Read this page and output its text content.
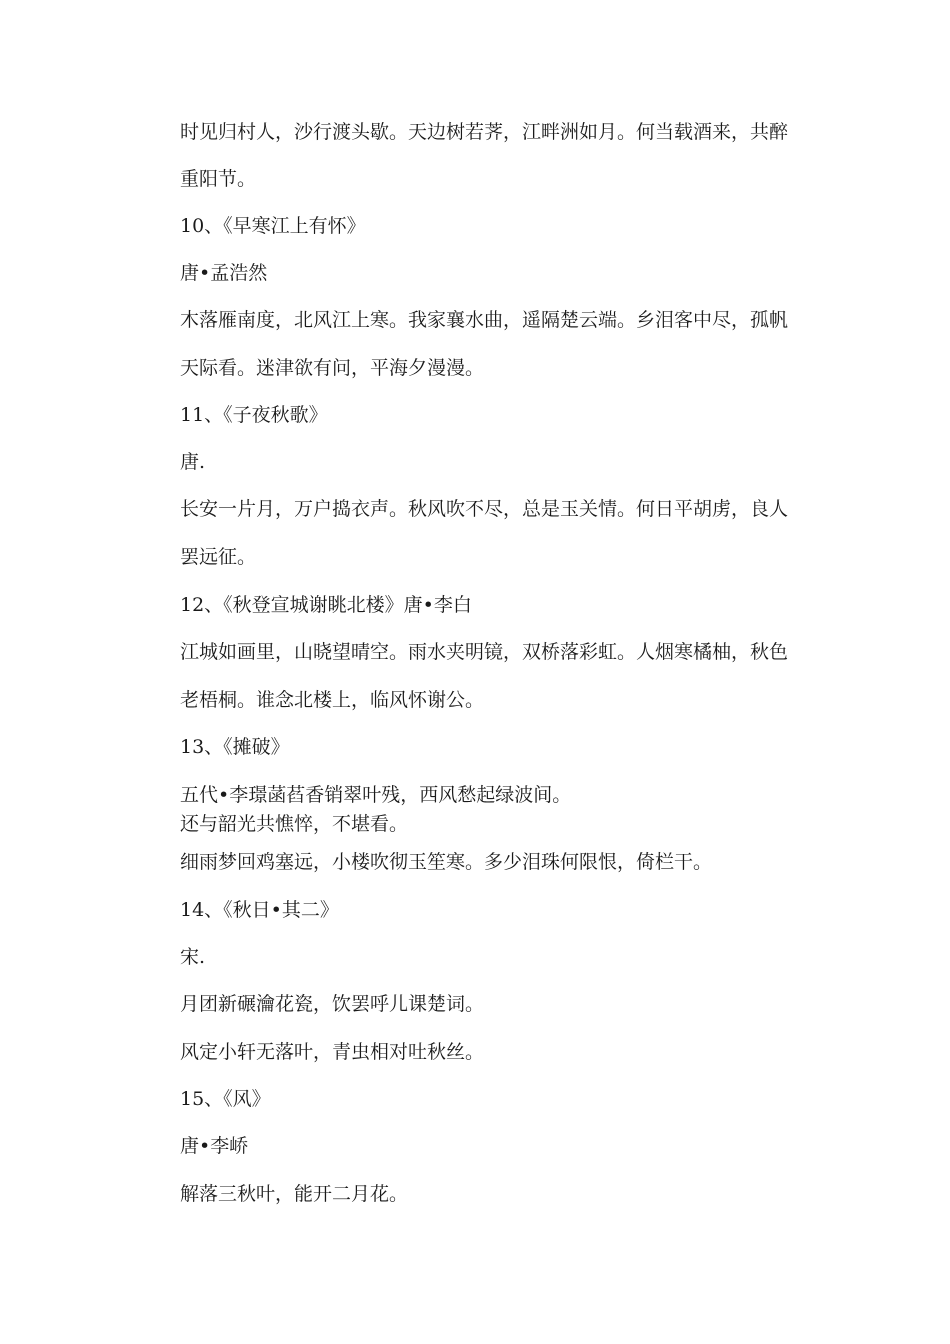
时见归村人，沙行渡头歇。天边树若荠，江畔洲如月。何当载酒来，共醉
重阳节。
10、《早寒江上有怀》
唐•孟浩然
木落雁南度，北风江上寒。我家襄水曲，遥隔楚云端。乡泪客中尽，孤帆
天际看。迷津欲有问，平海夕漫漫。
11、《子夜秋歌》
唐.
长安一片月，万户捣衣声。秋风吹不尽，总是玉关情。何日平胡虏，良人
罢远征。
12、《秋登宣城谢眺北楼》唐•李白
江城如画里，山晓望晴空。雨水夹明镜，双桥落彩虹。人烟寒橘柚，秋色
老梧桐。谁念北楼上，临风怀谢公。
13、《摊破》
五代•李璟菡萏香销翠叶残，西风愁起绿波间。
还与韶光共憔悴，不堪看。
细雨梦回鸡塞远，小楼吹彻玉笙寒。多少泪珠何限恨，倚栏干。
14、《秋日•其二》
宋.
月团新碾瀹花瓷，饮罢呼儿课楚词。
风定小轩无落叶，青虫相对吐秋丝。
15、《风》
唐•李峤
解落三秋叶，能开二月花。
